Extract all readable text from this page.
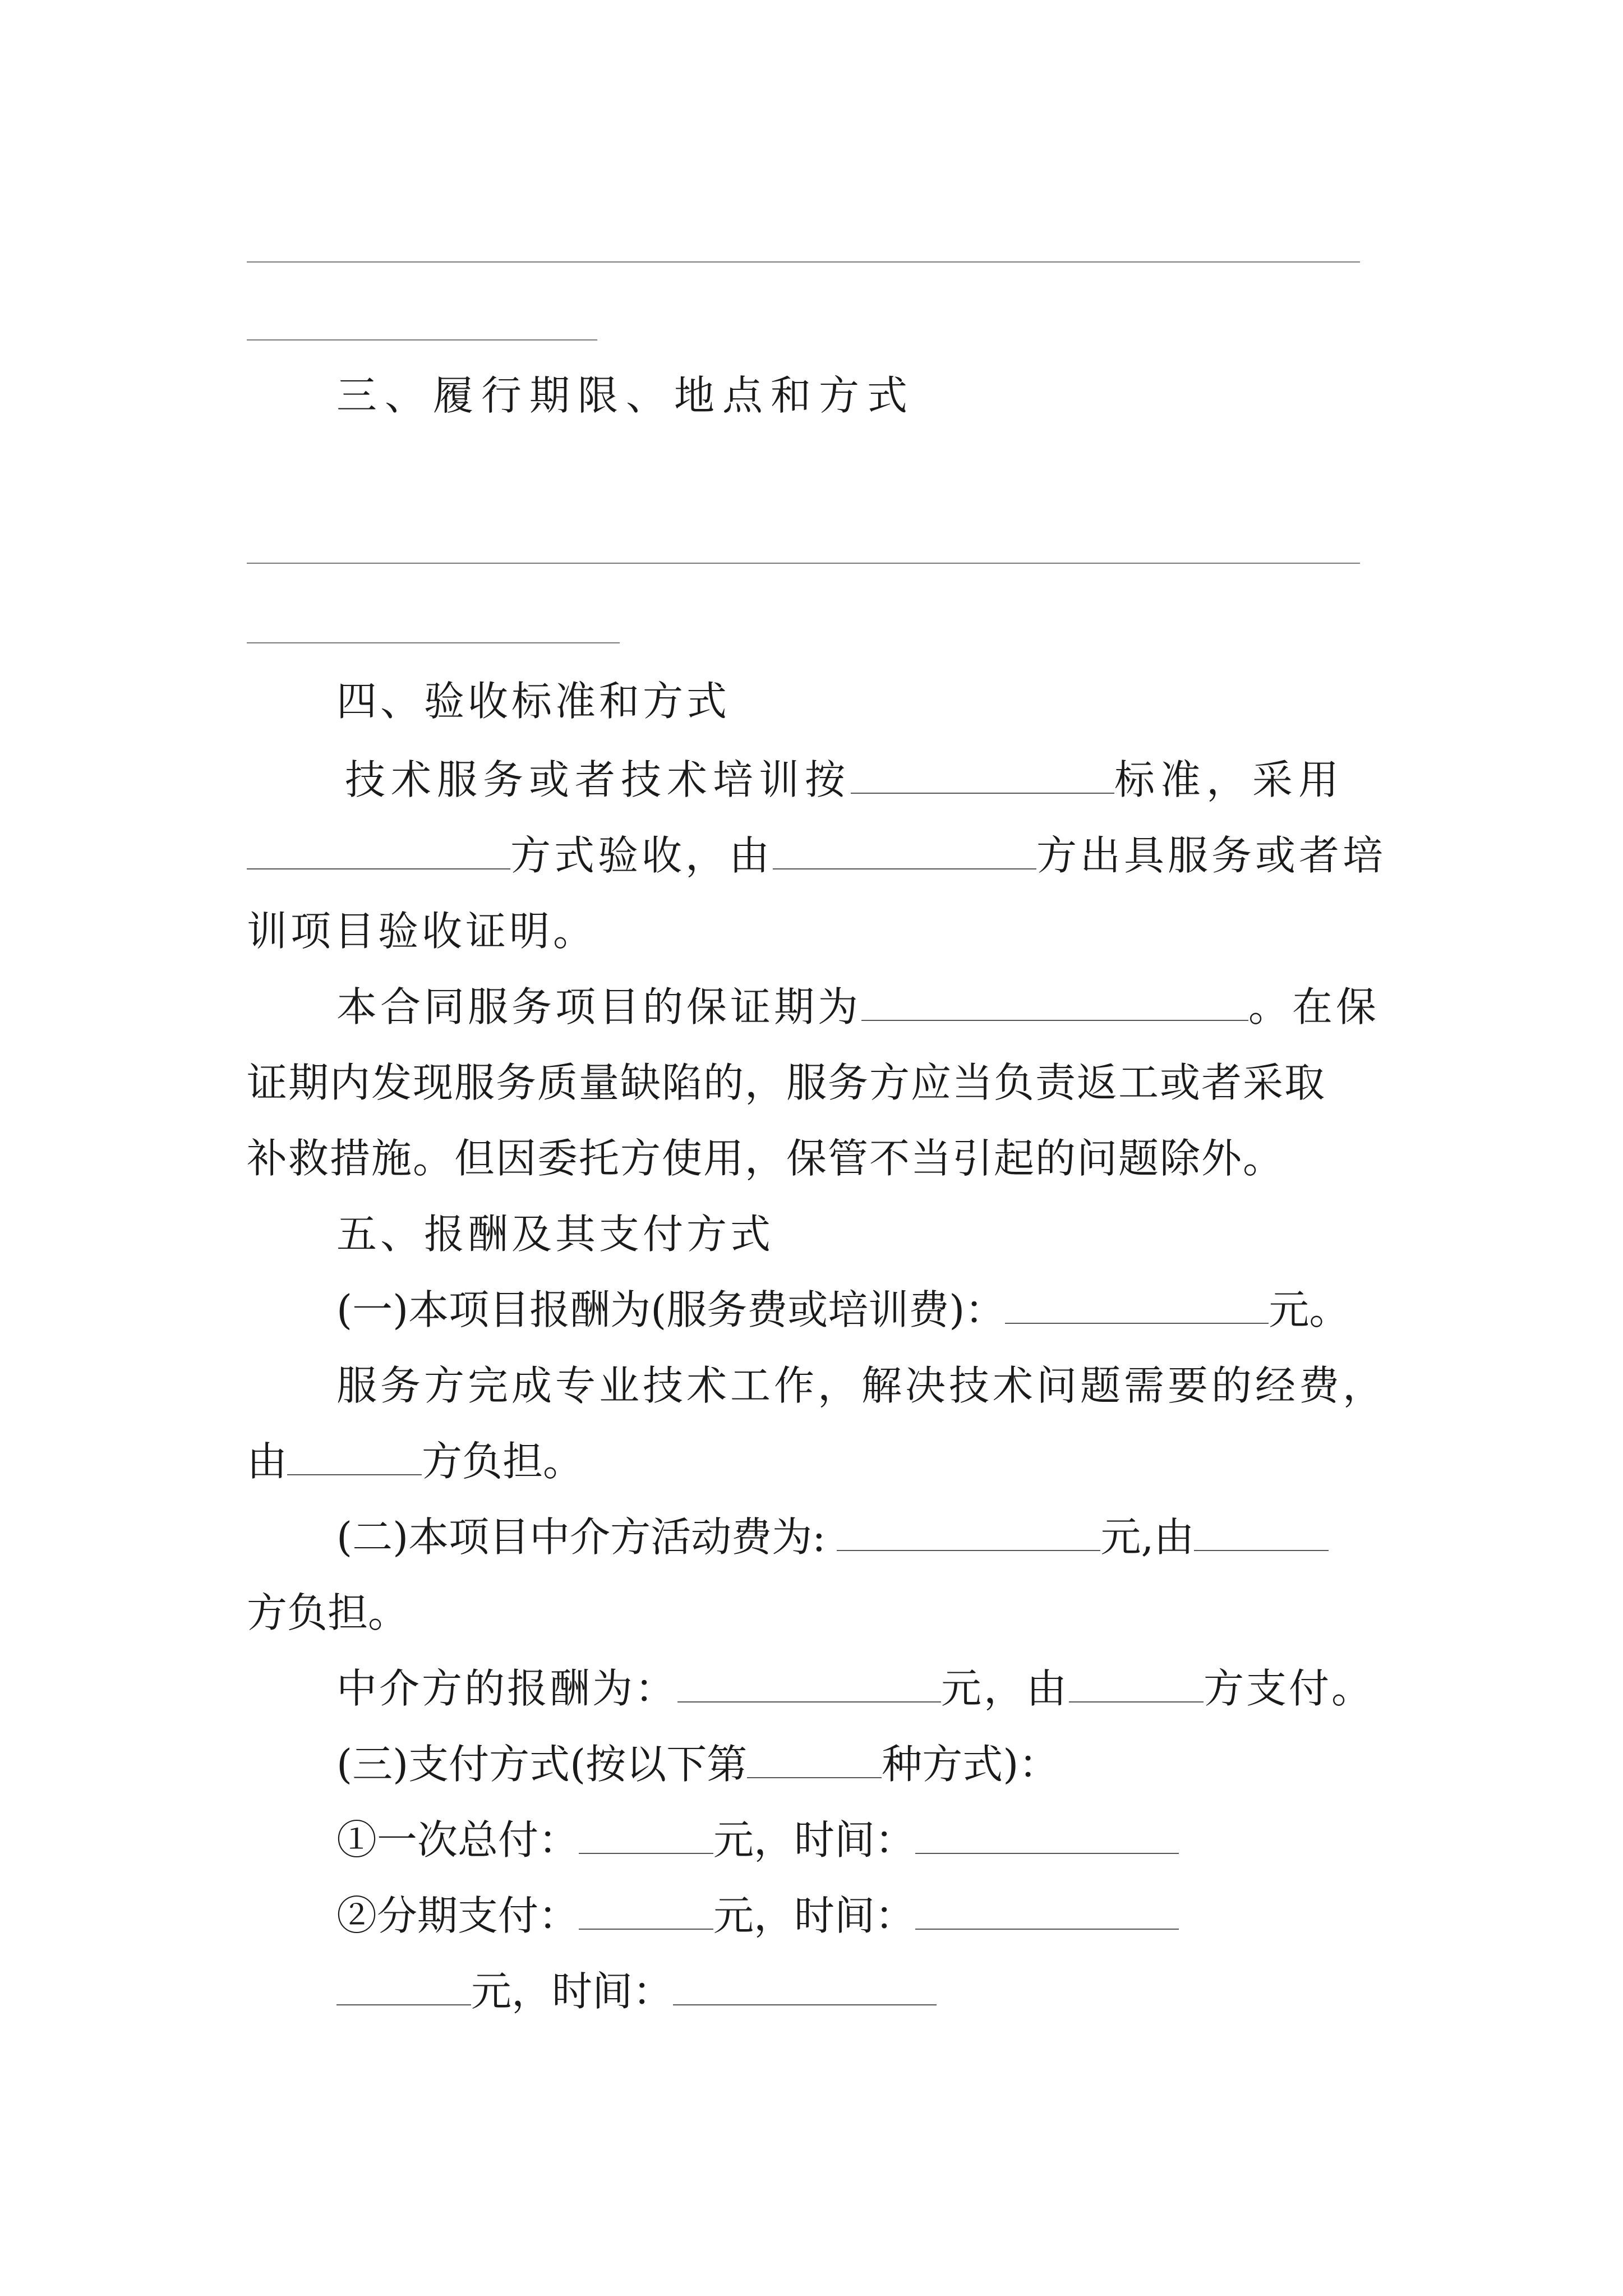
三、履行期限、地点和方式
四、验收标准和方式
技术服务或者技术培训按	标准，采用
方式验收，由	方出具服务或者培
训项目验收证明。
本合同服务项目的保证期为	。在保
证期内发现服务质量缺陷的，服务方应当负责返工或者采取
补救措施。但因委托方使用，保管不当引起的问题除外。
五、报酬及其支付方式
(一)本项目报酬为(服务费或培训费)：	元。
服务方完成专业技术工作，解决技术问题需要的经费，
由	方负担。
(二)本项目中介方活动费为:	元,由
方负担。
中介方的报酬为：	元，由	方支付。
(三)支付方式(按以下第	种方式)：
①一次总付：	元，时间：
②分期支付：	元，时间：
元，时间：
